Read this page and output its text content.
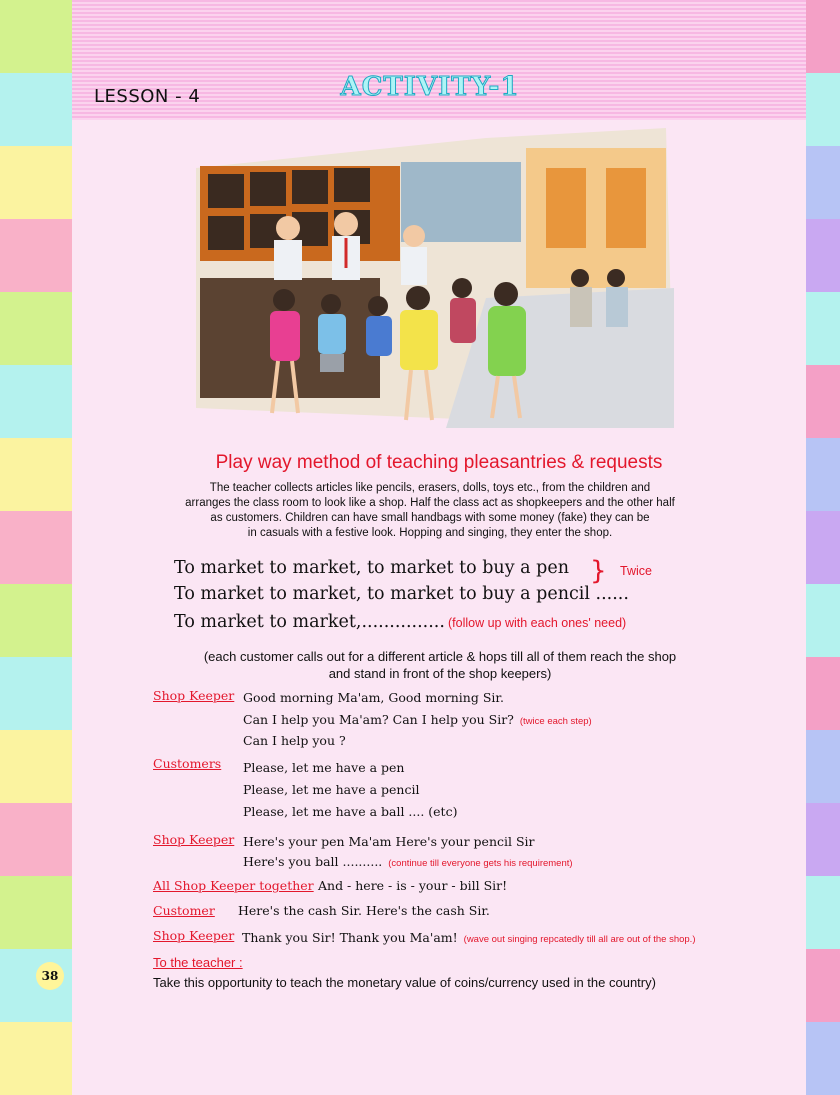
LESSON - 4	ACTIVITY-1
Play way method of teaching pleasantries & requests
The teacher collects articles like pencils, erasers, dolls, toys etc., from the children and
arranges the class room to look like a shop. Half the class act as shopkeepers and the other half
as customers. Children can have small handbags with some money (fake) they can be
in casuals with a festive look. Hopping and singing, they enter the shop.
To market to market, to market to buy a pen } Twice
To market to market, to market to buy a pencil ......
To market to market,............... (follow up with each ones' need)
(each customer calls out for a different article & hops till all of them reach the shop
and stand in front of the shop keepers)
Shop Keeper Good morning Ma'am, Good morning Sir.
Can I help you Ma'am? Can I help you Sir? (twice each step)
Can I help you ?
Customers Please, let me have a pen
Please, let me have a pencil
Please, let me have a ball .... (etc)
Shop Keeper Here's your pen Ma'am Here's your pencil Sir
Here's you ball .......... (continue till everyone gets his requirement)
All Shop Keeper together And - here - is - your - bill Sir!
Customer Here's the cash Sir. Here's the cash Sir.
Shop Keeper Thank you Sir! Thank you Ma'am! (wave out singing repcatedly till all are out of the shop.)
To the teacher :
Take this opportunity to teach the monetary value of coins/currency used in the country)
38
